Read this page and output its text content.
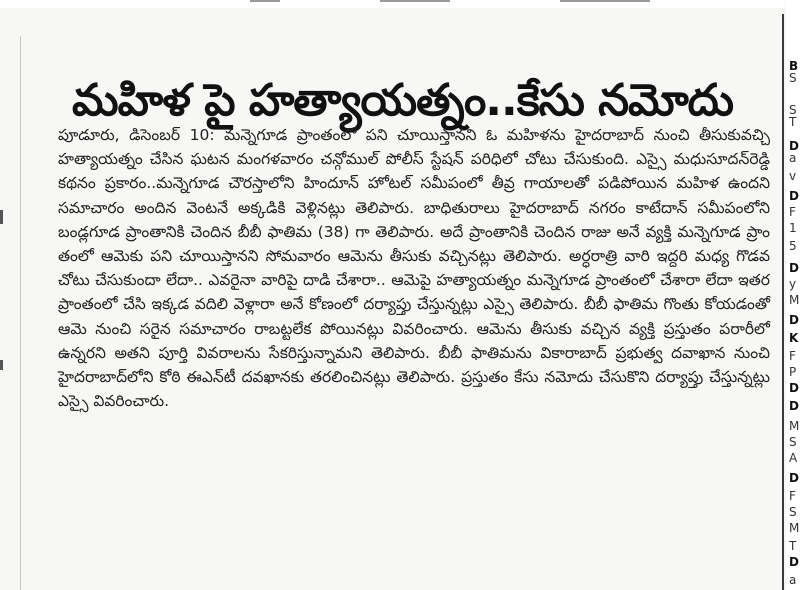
మహిళ పై హత్యాయత్నం..కేసు నమోదు

పూడూరు, డిసెంబర్ 10: మన్నెగూడ ప్రాంతంలో పని చూయిస్తానని ఓ మహిళను హైదరాబాద్ నుంచి తీసుకువచ్చి హత్యాయత్నం చేసిన ఘటన మంగళవారం చన్గోముల్ పోలీస్ స్టేషన్ పరిధిలో చోటు చేసుకుంది. ఎస్సై మధుసూదన్‌రెడ్డి కథనం ప్రకారం..మన్నెగూడ చౌరస్తాలోని హిందూన్ హోటల్ సమీపంలో తీవ్ర గాయాలతో పడిపోయిన మహిళ ఉందని సమాచారం అందిన వెంటనే అక్కడికి వెళ్లినట్లు తెలిపారు. బాధితురాలు హైదరాబాద్ నగరం కాటేదాన్ సమీపంలోని బండ్లగూడ ప్రాంతానికి చెందిన బీబీ ఫాతిమ (38) గా తెలిపారు. అదే ప్రాంతానికి చెందిన రాజు అనే వ్యక్తి మన్నెగూడ ప్రాం తంలో ఆమెకు పని చూయిస్తానని సోమవారం ఆమెను తీసుకు వచ్చినట్లు తెలిపారు. అర్ధరాత్రి వారి ఇద్దరి మధ్య గొడవ చోటు చేసుకుందా లేదా.. ఎవరైనా వారిపై దాడి చేశారా.. ఆమెపై హత్యాయత్నం మన్నెగూడ ప్రాంతంలో చేశారా లేదా ఇతర ప్రాంతంలో చేసి ఇక్కడ వదిలి వెళ్లారా అనే కోణంలో దర్యాప్తు చేస్తున్నట్లు ఎస్సై తెలిపారు. బీబీ ఫాతిమ గొంతు కోయడంతో ఆమె నుంచి సరైన సమాచారం రాబట్టలేక పోయినట్లు వివరించారు. ఆమెను తీసుకు వచ్చిన వ్యక్తి ప్రస్తుతం పరారీలో ఉన్నరని అతని పూర్తి వివరాలను సేకరిస్తున్నామని తెలిపారు. బీబీ ఫాతిమను వికారాబాద్ ప్రభుత్వ దవాఖాన నుంచి హైదరాబాద్‌లోని కోఠి ఈఎన్‌టీ దవఖానకు తరలించినట్లు తెలిపారు. ప్రస్తుతం కేసు నమోదు చేసుకొని దర్యాప్తు చేస్తున్నట్లు ఎస్సై వివరించారు.

B
S
S
T
D
a
v
D
F
1
5
D
y
M
D
K
F
P
D
D
M
S
A
D
F
S
M
T
D
a
